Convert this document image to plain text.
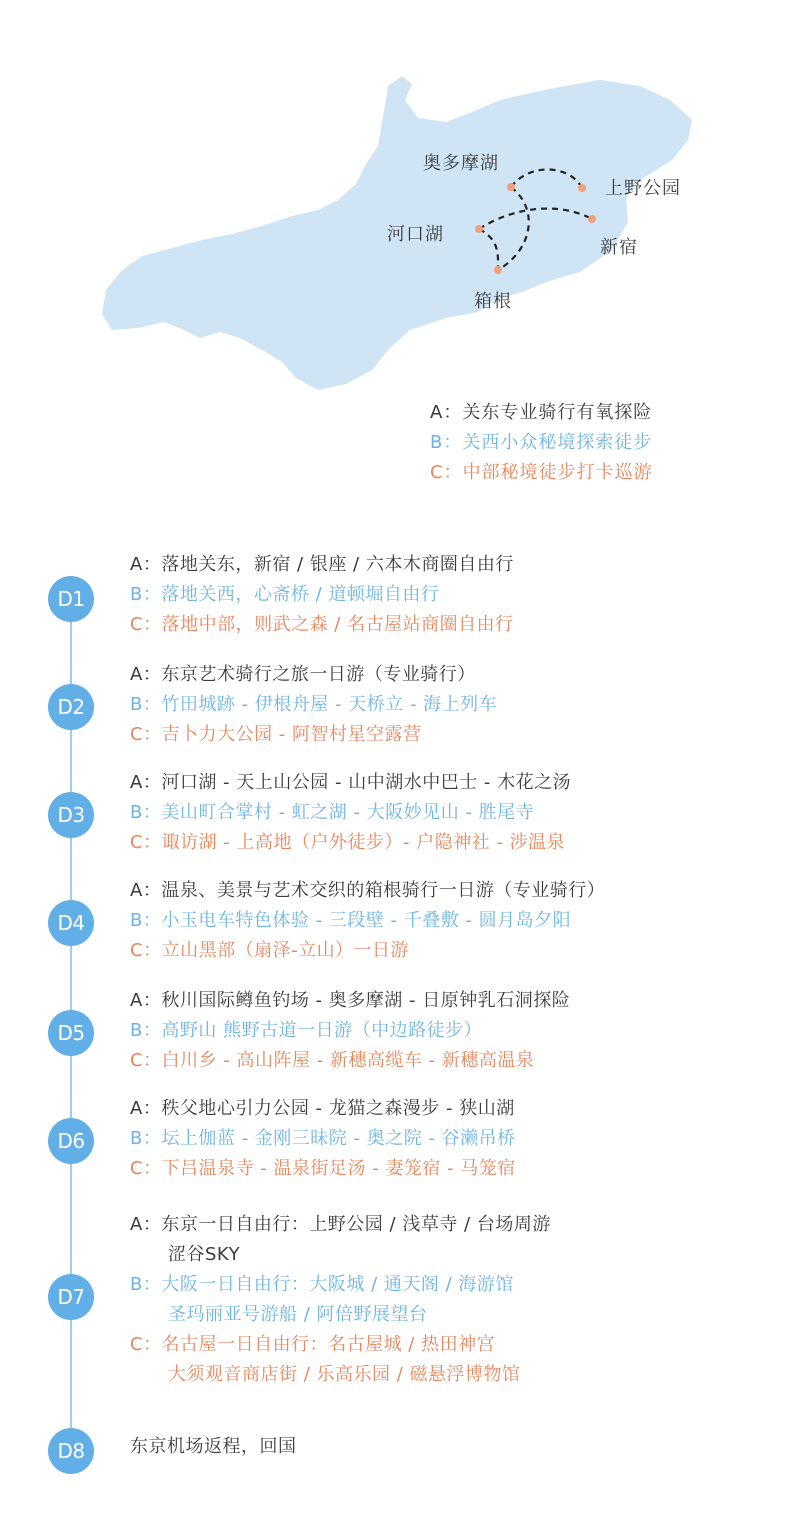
奥多摩湖
上野公园
河口湖
新宿
箱根
A：关东专业骑行有氧探险
B：关西小众秘境探索徒步
C：中部秘境徒步打卡巡游
D1
A：落地关东，新宿 / 银座 / 六本木商圈自由行
B：落地关西，心斋桥 / 道顿堀自由行
C：落地中部，则武之森 / 名古屋站商圈自由行
D2
A：东京艺术骑行之旅一日游（专业骑行）
B：竹田城跡 - 伊根舟屋 - 天桥立 - 海上列车
C：吉卜力大公园 - 阿智村星空露营
D3
A：河口湖 - 天上山公园 - 山中湖水中巴士 - 木花之汤
B：美山町合掌村 - 虹之湖 - 大阪妙见山 - 胜尾寺
C：诹访湖 - 上高地（户外徒步）- 户隐神社 - 涉温泉
D4
A：温泉、美景与艺术交织的箱根骑行一日游（专业骑行）
B：小玉电车特色体验 - 三段壁 - 千叠敷 - 圆月岛夕阳
C：立山黑部（扇泽-立山）一日游
D5
A：秋川国际鳟鱼钓场 - 奥多摩湖 - 日原钟乳石洞探险
B：高野山 熊野古道一日游（中边路徒步）
C：白川乡 - 高山阵屋 - 新穗高缆车 - 新穗高温泉
D6
A：秩父地心引力公园 - 龙猫之森漫步 - 狭山湖
B：坛上伽蓝 - 金刚三昧院 - 奥之院 - 谷濑吊桥
C：下吕温泉寺 - 温泉街足汤 - 妻笼宿 - 马笼宿
D7
A：东京一日自由行：上野公园 / 浅草寺 / 台场周游
涩谷SKY
B：大阪一日自由行：大阪城 / 通天阁 / 海游馆
圣玛丽亚号游船 / 阿倍野展望台
C：名古屋一日自由行：名古屋城 / 热田神宫
大须观音商店街 / 乐高乐园 / 磁悬浮博物馆
D8	东京机场返程，回国
